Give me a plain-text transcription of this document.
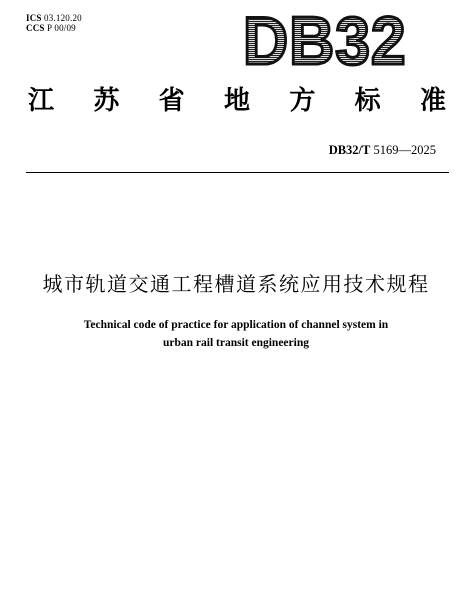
ICS 03.120.20
CCS P 00/09 DB32
江 苏 省 地 方 标 准
DB32/T 5169—2025
城市轨道交通工程槽道系统应用技术规程
Technical code of practice for application of channel system in
urban rail transit engineering
